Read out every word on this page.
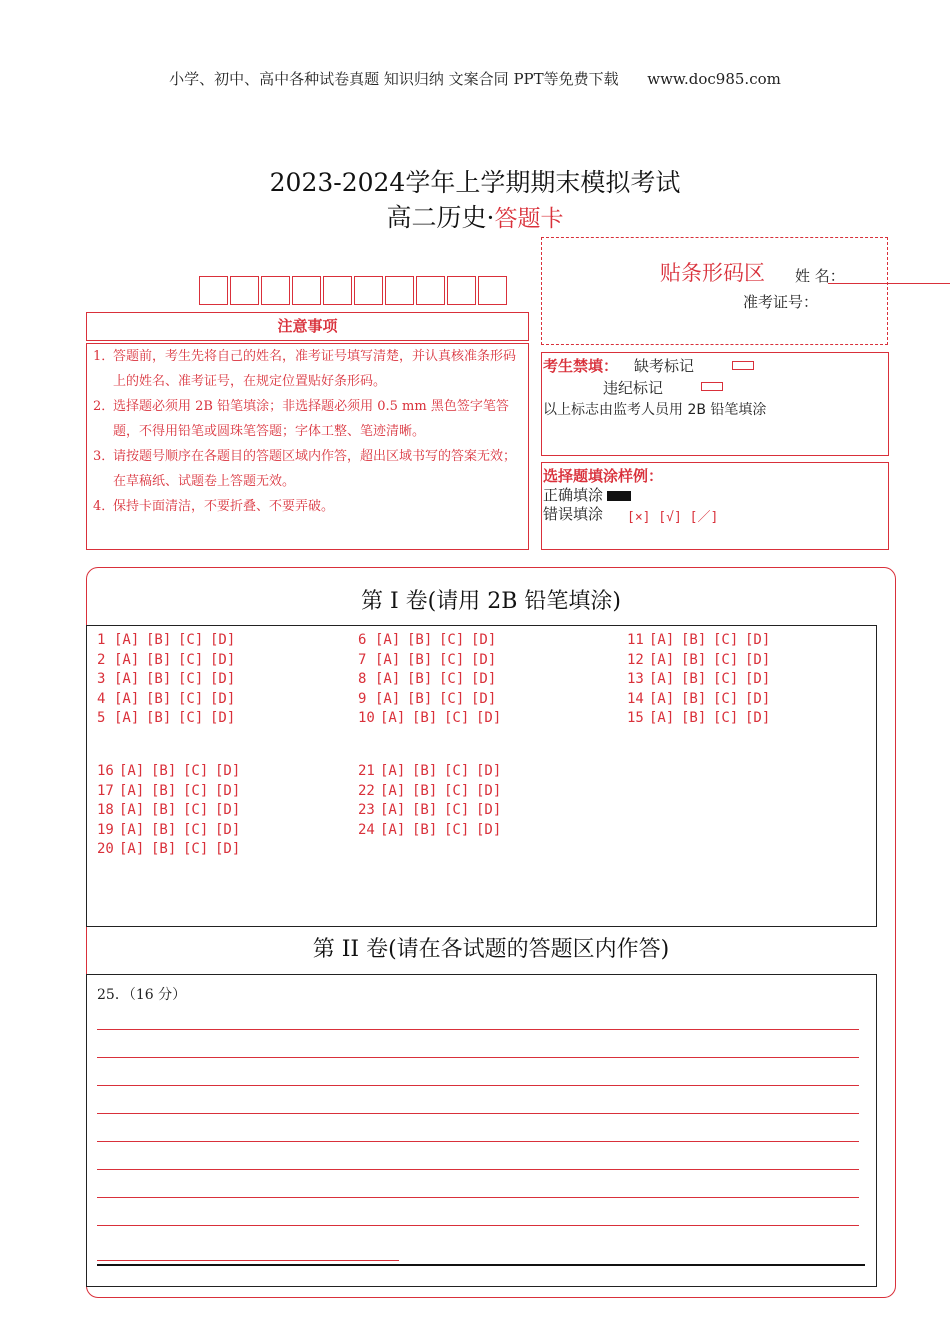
小学、初中、高中各种试卷真题 知识归纳 文案合同 PPT等免费下载 www.doc985.com
2023-2024学年上学期期末模拟考试
高二历史·答题卡
贴条形码区 姓 名：
准考证号：
注意事项
1．
答题前，考生先将自己的姓名，准考证号填写清楚，并认真核准条形码上的姓名、准考证号，在规定位置贴好条形码。
2．
选择题必须用 2B 铅笔填涂；非选择题必须用 0.5 mm 黑色签字笔答题，不得用铅笔或圆珠笔答题；字体工整、笔迹清晰。
3．
请按题号顺序在各题目的答题区域内作答，超出区域书写的答案无效；在草稿纸、试题卷上答题无效。
4．
保持卡面清洁，不要折叠、不要弄破。
考生禁填： 缺考标记
违纪标记
以上标志由监考人员用 2B 铅笔填涂
选择题填涂样例：
正确填涂
错误填涂 [×] [√] [／]
第 I 卷(请用 2B 铅笔填涂)
1 [A] [B] [C] [D]
2 [A] [B] [C] [D]
3 [A] [B] [C] [D]
4 [A] [B] [C] [D]
5 [A] [B] [C] [D]
6 [A] [B] [C] [D]
7 [A] [B] [C] [D]
8 [A] [B] [C] [D]
9 [A] [B] [C] [D]
10 [A] [B] [C] [D]
11 [A] [B] [C] [D]
12 [A] [B] [C] [D]
13 [A] [B] [C] [D]
14 [A] [B] [C] [D]
15 [A] [B] [C] [D]
16 [A] [B] [C] [D]
17 [A] [B] [C] [D]
18 [A] [B] [C] [D]
19 [A] [B] [C] [D]
20 [A] [B] [C] [D]
21 [A] [B] [C] [D]
22 [A] [B] [C] [D]
23 [A] [B] [C] [D]
24 [A] [B] [C] [D]
第 II 卷(请在各试题的答题区内作答)
25．（16 分）
